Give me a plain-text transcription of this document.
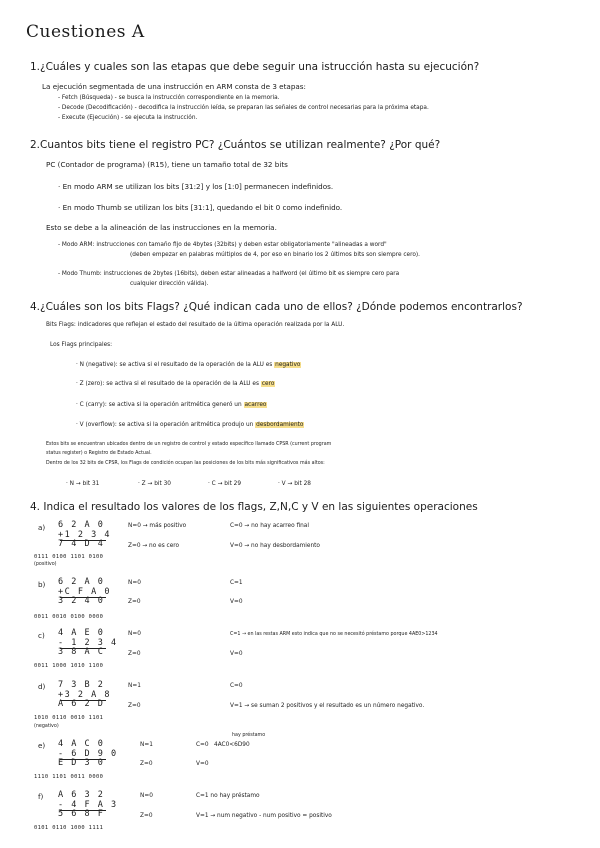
Cuestiones A
1.¿Cuáles y cuales son las etapas que debe seguir una istrucción hasta su ejecución?
La ejecución segmentada de una instrucción en ARM consta de 3 etapas:
- Fetch (Búsqueda) - se busca la instrucción correspondiente en la memoria.
- Decode (Decodificación) - decodifica la instrucción leída, se preparan las señales de control necesarias para la próxima etapa.
- Execute (Ejecución) - se ejecuta la instrucción.
2.Cuantos bits tiene el registro PC? ¿Cuántos se utilizan realmente? ¿Por qué?
PC (Contador de programa) (R15), tiene un tamaño total de 32 bits
· En modo ARM se utilizan los bits [31:2] y los [1:0] permanecen indefinidos.
· En modo Thumb se utilizan los bits [31:1], quedando el bit 0 como indefinido.
Esto se debe a la alineación de las instrucciones en la memoria.
- Modo ARM: instrucciones con tamaño fijo de 4bytes (32bits) y deben estar obligatoriamente "alineadas a word"
(deben empezar en palabras múltiplos de 4, por eso en binario los 2 últimos bits son siempre cero).
- Modo Thumb: instrucciones de 2bytes (16bits), deben estar alineadas a halfword (el último bit es siempre cero para
cualquier dirección válida).
4.¿Cuáles son los bits Flags? ¿Qué indican cada uno de ellos? ¿Dónde podemos encontrarlos?
Bits Flags: indicadores que reflejan el estado del resultado de la última operación realizada por la ALU.
Los Flags principales:
· N (negative): se activa si el resultado de la operación de la ALU es negativo
· Z (zero): se activa si el resultado de la operación de la ALU es cero
· C (carry): se activa si la operación aritmética generó un acarreo
· V (overflow): se activa si la operación aritmética produjo un desbordamiento
Estos bits se encuentran ubicados dentro de un registro de control y estado específico llamado CPSR (current program
status register) o Registro de Estado Actual.
Dentro de los 32 bits de CPSR, los Flags de condición ocupan las posiciones de los bits más significativos más altos:
· N → bit 31	· Z → bit 30	· C → bit 29	· V → bit 28
4. Indica el resultado los valores de los flags, Z,N,C y V en las siguientes operaciones
a) 6 2 A 0
+1 2 3 4
7 4 D 4
0111 0100 1101 0100
(positivo)
N=0 → más positivo
Z=0 → no es cero
C=0 → no hay acarreo final
V=0 → no hay desbordamiento
b) 6 2 A 0
+C F A 0
3 2 4 0
0011 0010 0100 0000
N=0
Z=0
C=1
V=0
c) 4 A E 0
- 1 2 3 4
3 8 A C
0011 1000 1010 1100
N=0
Z=0
C=1 → en las restas ARM esto indica que no se necesitó préstamo porque 4AE0>1234
V=0
d) 7 3 B 2
+3 2 A 8
A 6 2 D
1010 0110 0010 1101
(negativo)
N=1
Z=0
C=0
V=1 → se suman 2 positivos y el resultado es un número negativo.
e) 4 A C 0
- 6 D 9 0
E D 3 0
1110 1101 0011 0000
N=1
Z=0
C=0
hay préstamo
4AC0<6D90
V=0
f) A 6 3 2
- 4 F A 3
5 6 8 F
0101 0110 1000 1111
N=0
Z=0
C=1 no hay préstamo
V=1 → num negativo - num positivo = positivo
